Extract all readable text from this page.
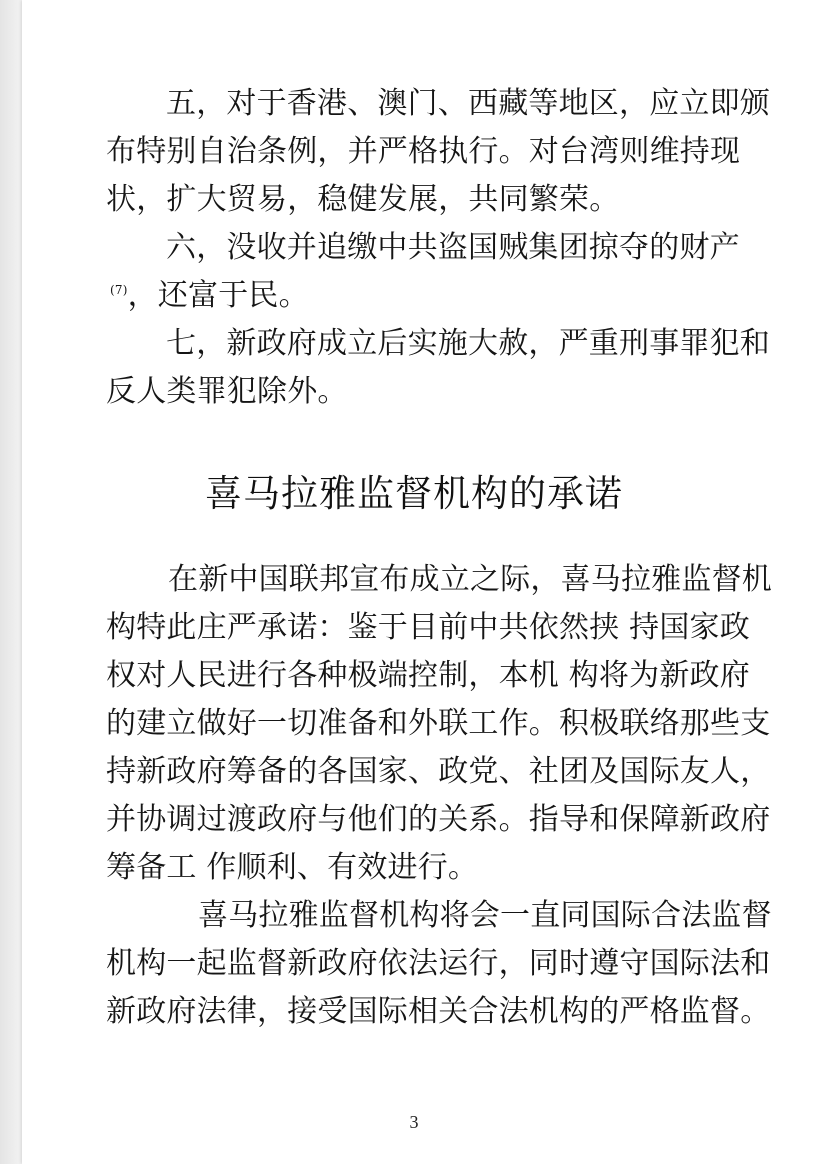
五，对于香港、澳门、西藏等地区，应立即颁布特别自治条例，并严格执行。对台湾则维持现状，扩大贸易，稳健发展，共同繁荣。

六，没收并追缴中共盗国贼集团掠夺的财产$^{(7)}$，还富于民。

七，新政府成立后实施大赦，严重刑事罪犯和反人类罪犯除外。

喜马拉雅监督机构的承诺

在新中国联邦宣布成立之际，喜马拉雅监督机构特此庄严承诺：鉴于目前中共依然挟 持国家政权对人民进行各种极端控制，本机 构将为新政府的建立做好一切准备和外联工作。积极联络那些支持新政府筹备的各国家、政党、社团及国际友人，并协调过渡政府与他们的关系。指导和保障新政府筹备工 作顺利、有效进行。

喜马拉雅监督机构将会一直同国际合法监督机构一起监督新政府依法运行，同时遵守国际法和新政府法律，接受国际相关合法机构的严格监督。

3
